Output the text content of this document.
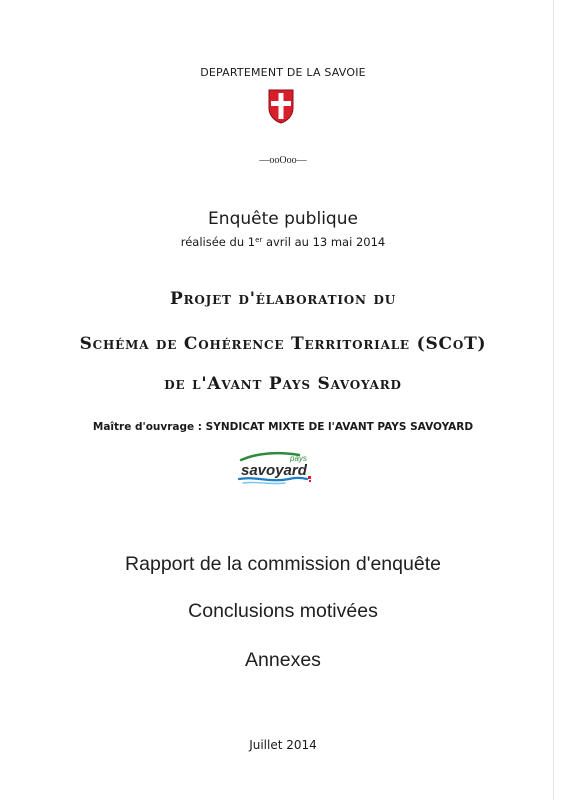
DEPARTEMENT DE LA SAVOIE
—ooOoo—
Enquête publique
réalisée du 1er avril au 13 mai 2014
Projet d'élaboration du
Schéma de Cohérence Territoriale (SCoT)
de l'Avant Pays Savoyard
Maître d'ouvrage : SYNDICAT MIXTE DE l'AVANT PAYS SAVOYARD
pays
savoyard
Rapport de la commission d'enquête
Conclusions motivées
Annexes
Juillet 2014
